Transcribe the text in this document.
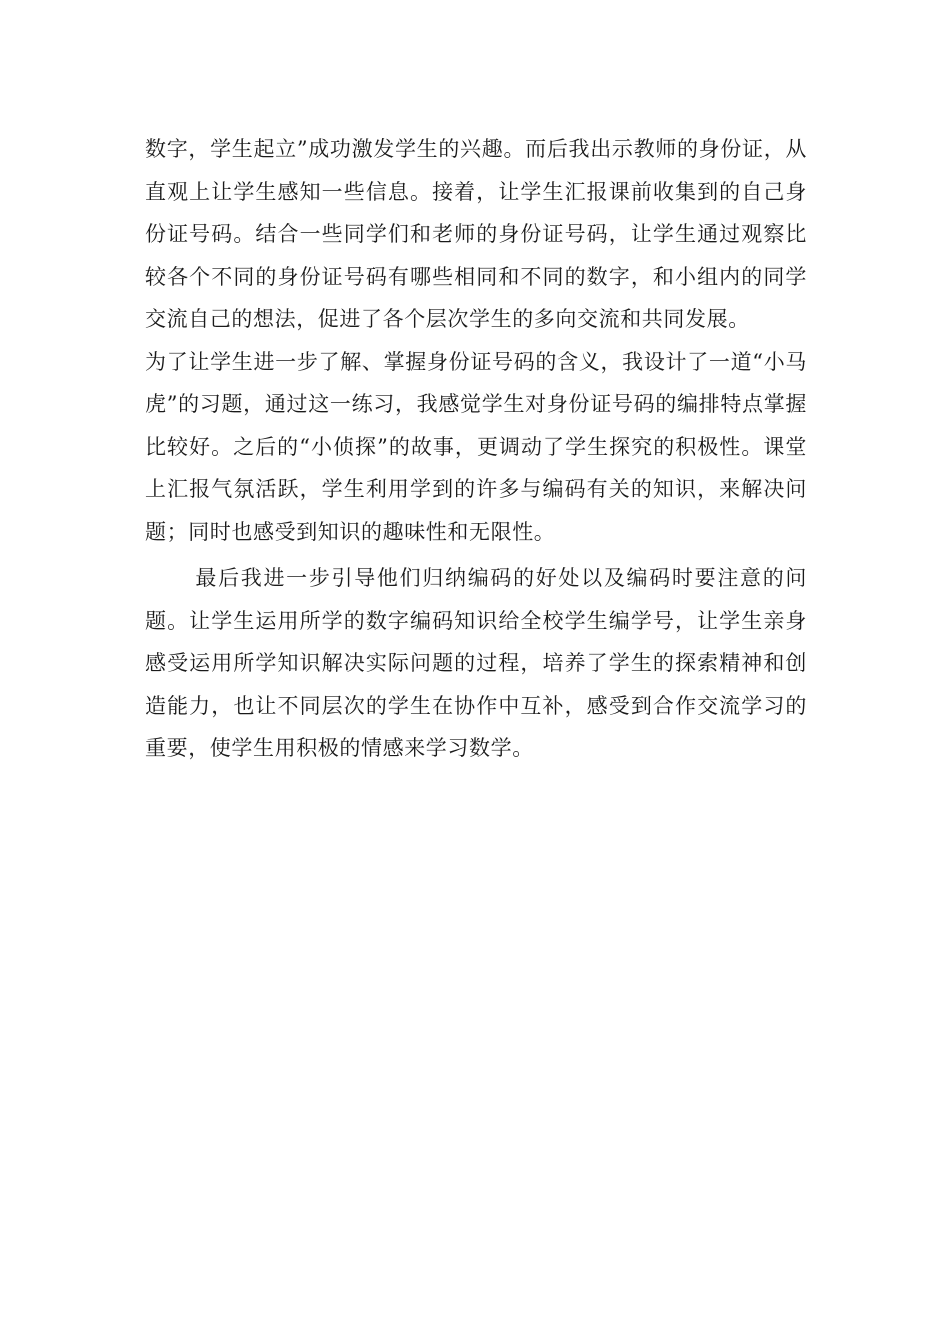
数字，学生起立”成功激发学生的兴趣。而后我出示教师的身份证，从直观上让学生感知一些信息。接着，让学生汇报课前收集到的自己身份证号码。结合一些同学们和老师的身份证号码，让学生通过观察比较各个不同的身份证号码有哪些相同和不同的数字，和小组内的同学交流自己的想法，促进了各个层次学生的多向交流和共同发展。

为了让学生进一步了解、掌握身份证号码的含义，我设计了一道“小马虎”的习题，通过这一练习，我感觉学生对身份证号码的编排特点掌握比较好。之后的“小侦探”的故事，更调动了学生探究的积极性。课堂上汇报气氛活跃，学生利用学到的许多与编码有关的知识，来解决问题；同时也感受到知识的趣味性和无限性。

最后我进一步引导他们归纳编码的好处以及编码时要注意的问题。让学生运用所学的数字编码知识给全校学生编学号，让学生亲身感受运用所学知识解决实际问题的过程，培养了学生的探索精神和创造能力，也让不同层次的学生在协作中互补，感受到合作交流学习的重要，使学生用积极的情感来学习数学。
